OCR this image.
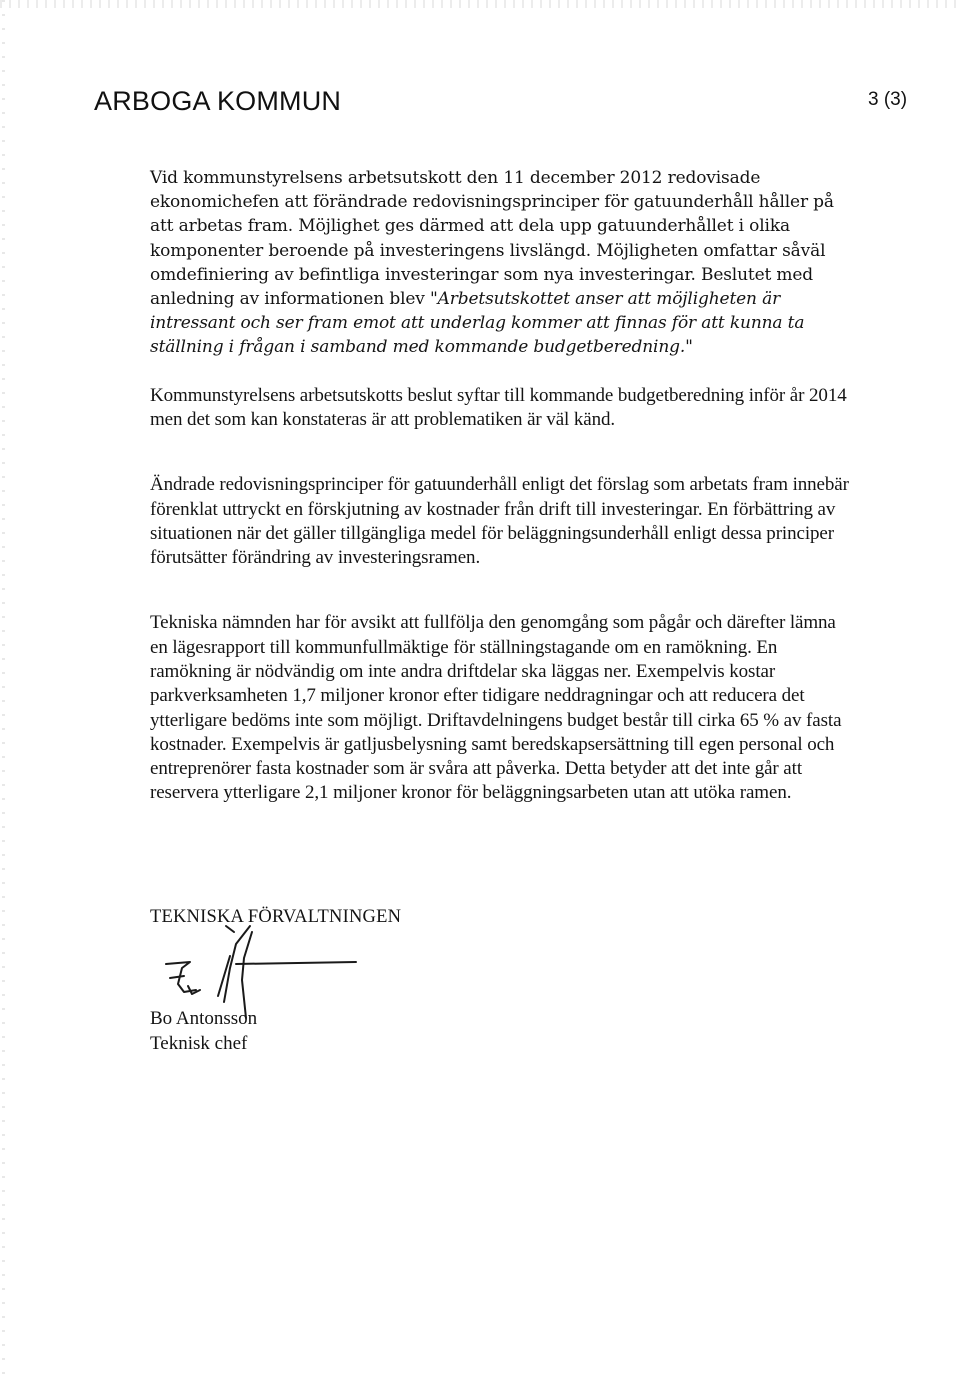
ARBOGA KOMMUN	3 (3)

Vid kommunstyrelsens arbetsutskott den 11 december 2012 redovisade ekonomichefen att förändrade redovisningsprinciper för gatuunderhåll håller på att arbetas fram. Möjlighet ges därmed att dela upp gatuunderhållet i olika komponenter beroende på investeringens livslängd. Möjligheten omfattar såväl omdefiniering av befintliga investeringar som nya investeringar. Beslutet med anledning av informationen blev "Arbetsutskottet anser att möjligheten är intressant och ser fram emot att underlag kommer att finnas för att kunna ta ställning i frågan i samband med kommande budgetberedning."

Kommunstyrelsens arbetsutskotts beslut syftar till kommande budgetberedning inför år 2014 men det som kan konstateras är att problematiken är väl känd.

Ändrade redovisningsprinciper för gatuunderhåll enligt det förslag som arbetats fram innebär förenklat uttryckt en förskjutning av kostnader från drift till investeringar. En förbättring av situationen när det gäller tillgängliga medel för beläggningsunderhåll enligt dessa principer förutsätter förändring av investeringsramen.

Tekniska nämnden har för avsikt att fullfölja den genomgång som pågår och därefter lämna en lägesrapport till kommunfullmäktige för ställningstagande om en ramökning. En ramökning är nödvändig om inte andra driftdelar ska läggas ner. Exempelvis kostar parkverksamheten 1,7 miljoner kronor efter tidigare neddragningar och att reducera det ytterligare bedöms inte som möjligt. Driftavdelningens budget består till cirka 65 % av fasta kostnader. Exempelvis är gatljusbelysning samt beredskapsersättning till egen personal och entreprenörer fasta kostnader som är svåra att påverka. Detta betyder att det inte går att reservera ytterligare 2,1 miljoner kronor för beläggningsarbeten utan att utöka ramen.

TEKNISKA FÖRVALTNINGEN
Bo Antonsson
Teknisk chef
